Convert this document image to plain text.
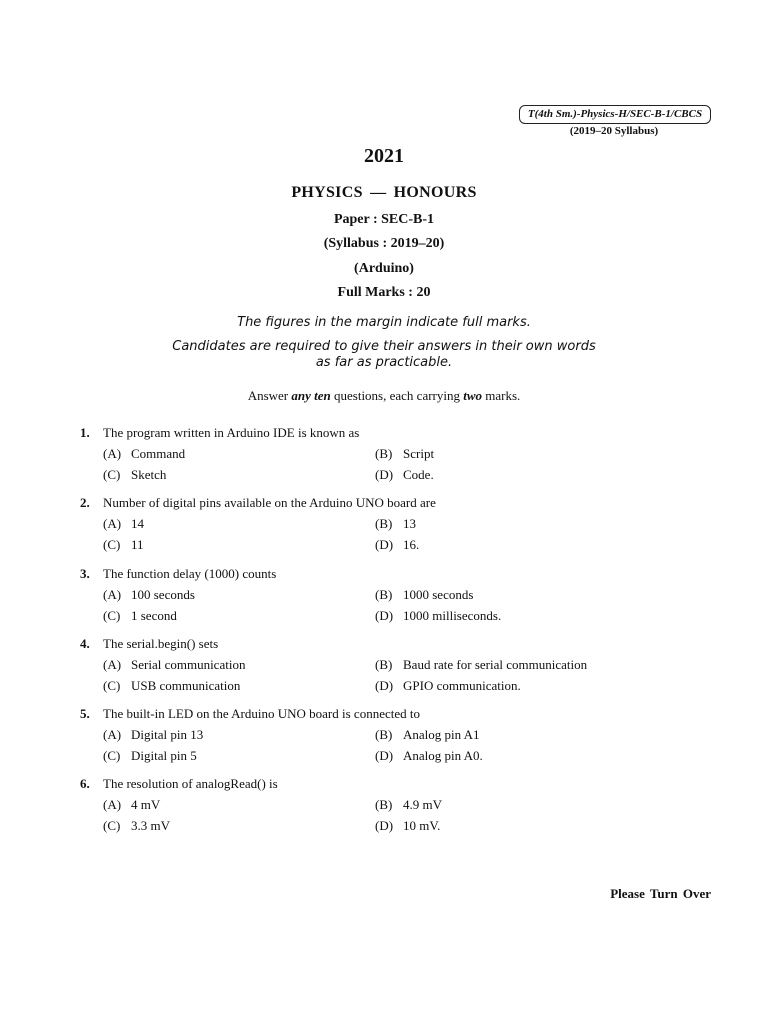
T(4th Sm.)-Physics-H/SEC-B-1/CBCS
(2019–20 Syllabus)
2021
PHYSICS — HONOURS
Paper : SEC-B-1
(Syllabus : 2019–20)
(Arduino)
Full Marks : 20
The figures in the margin indicate full marks.
Candidates are required to give their answers in their own words
as far as practicable.
Answer any ten questions, each carrying two marks.
1. The program written in Arduino IDE is known as
(A) Command	(B) Script
(C) Sketch	(D) Code.
2. Number of digital pins available on the Arduino UNO board are
(A) 14	(B) 13
(C) 11	(D) 16.
3. The function delay (1000) counts
(A) 100 seconds	(B) 1000 seconds
(C) 1 second	(D) 1000 milliseconds.
4. The serial.begin() sets
(A) Serial communication	(B) Baud rate for serial communication
(C) USB communication	(D) GPIO communication.
5. The built-in LED on the Arduino UNO board is connected to
(A) Digital pin 13	(B) Analog pin A1
(C) Digital pin 5	(D) Analog pin A0.
6. The resolution of analogRead() is
(A) 4 mV	(B) 4.9 mV
(C) 3.3 mV	(D) 10 mV.
Please Turn Over
